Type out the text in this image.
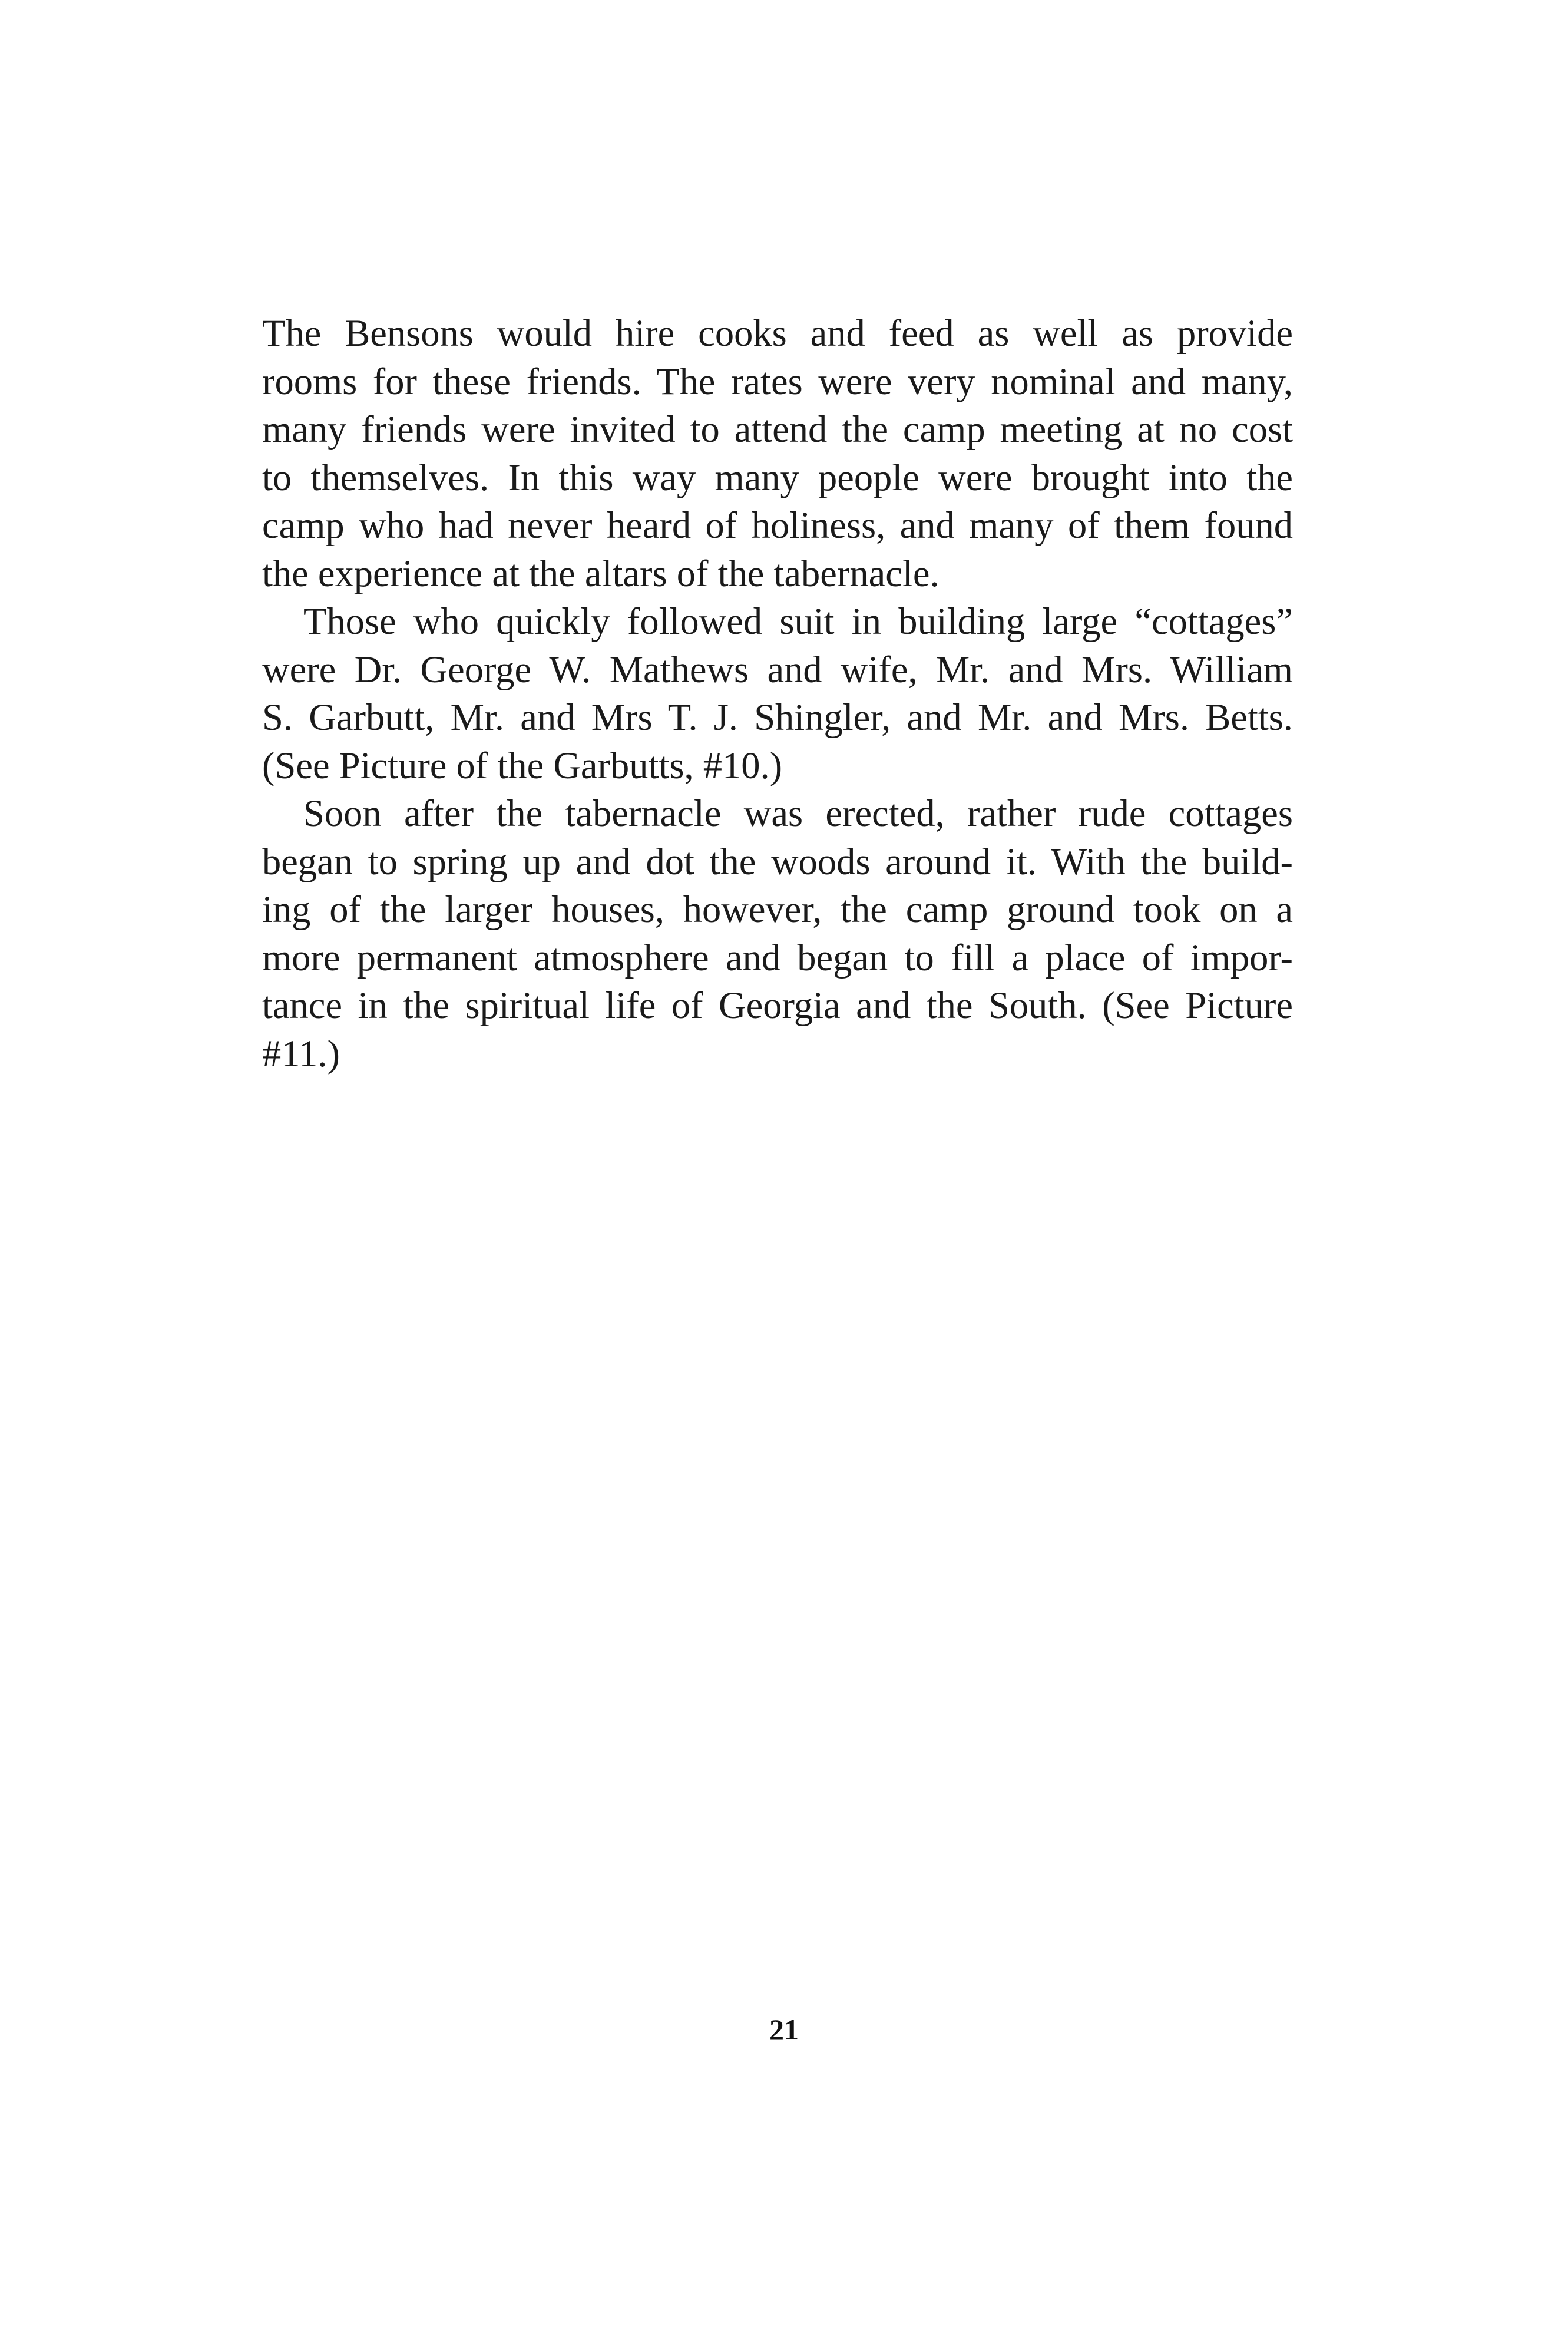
The Bensons would hire cooks and feed as well as provide
rooms for these friends. The rates were very nominal and many,
many friends were invited to attend the camp meeting at no cost
to themselves. In this way many people were brought into the
camp who had never heard of holiness, and many of them found
the experience at the altars of the tabernacle.
Those who quickly followed suit in building large “cottages”
were Dr. George W. Mathews and wife, Mr. and Mrs. William
S. Garbutt, Mr. and Mrs T. J. Shingler, and Mr. and Mrs. Betts.
(See Picture of the Garbutts, #10.)
Soon after the tabernacle was erected, rather rude cottages
began to spring up and dot the woods around it. With the build-
ing of the larger houses, however, the camp ground took on a
more permanent atmosphere and began to fill a place of impor-
tance in the spiritual life of Georgia and the South. (See Picture
#11.)
21
